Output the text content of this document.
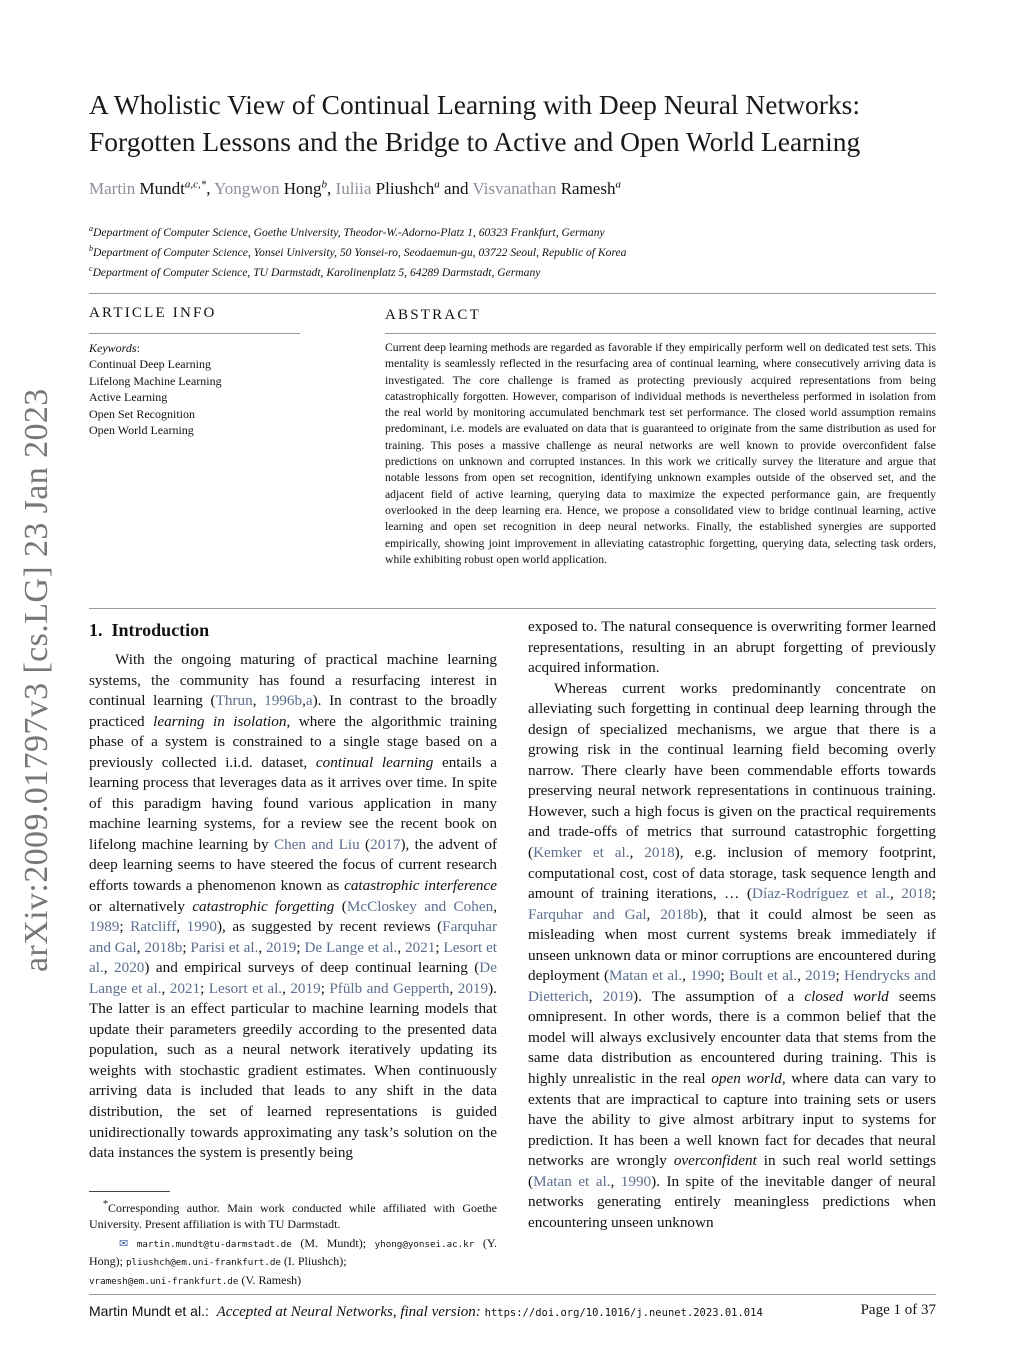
A Wholistic View of Continual Learning with Deep Neural Networks:
Forgotten Lessons and the Bridge to Active and Open World Learning
Martin Mundt$^{a,c,*}$, Yongwon Hong$^b$, Iuliia Pliushch$^a$ and Visvanathan Ramesh$^a$
$^a$Department of Computer Science, Goethe University, Theodor-W.-Adorno-Platz 1, 60323 Frankfurt, Germany
$^b$Department of Computer Science, Yonsei University, 50 Yonsei-ro, Seodaemun-gu, 03722 Seoul, Republic of Korea
$^c$Department of Computer Science, TU Darmstadt, Karolinenplatz 5, 64289 Darmstadt, Germany
ARTICLE INFO
Keywords:
Continual Deep Learning
Lifelong Machine Learning
Active Learning
Open Set Recognition
Open World Learning
ABSTRACT
Current deep learning methods are regarded as favorable if they empirically perform well on dedicated test sets. This mentality is seamlessly reflected in the resurfacing area of continual learning, where consecutively arriving data is investigated. The core challenge is framed as protecting previously acquired representations from being catastrophically forgotten. However, comparison of individual methods is nevertheless performed in isolation from the real world by monitoring accumulated benchmark test set performance. The closed world assumption remains predominant, i.e. models are evaluated on data that is guaranteed to originate from the same distribution as used for training. This poses a massive challenge as neural networks are well known to provide overconfident false predictions on unknown and corrupted instances. In this work we critically survey the literature and argue that notable lessons from open set recognition, identifying unknown examples outside of the observed set, and the adjacent field of active learning, querying data to maximize the expected performance gain, are frequently overlooked in the deep learning era. Hence, we propose a consolidated view to bridge continual learning, active learning and open set recognition in deep neural networks. Finally, the established synergies are supported empirically, showing joint improvement in alleviating catastrophic forgetting, querying data, selecting task orders, while exhibiting robust open world application.
arXiv:2009.01797v3 [cs.LG] 23 Jan 2023 1. Introduction

With the ongoing maturing of practical machine learning systems, the community has found a resurfacing interest in continual learning (Thrun, 1996b,a). In contrast to the broadly practiced learning in isolation, where the algorithmic training phase of a system is constrained to a single stage based on a previously collected i.i.d. dataset, continual learning entails a learning process that leverages data as it arrives over time. In spite of this paradigm having found various application in many machine learning systems, for a review see the recent book on lifelong machine learning by Chen and Liu (2017), the advent of deep learning seems to have steered the focus of current research efforts towards a phenomenon known as catastrophic interference or alternatively catastrophic forgetting (McCloskey and Cohen, 1989; Ratcliff, 1990), as suggested by recent reviews (Farquhar and Gal, 2018b; Parisi et al., 2019; De Lange et al., 2021; Lesort et al., 2020) and empirical surveys of deep continual learning (De Lange et al., 2021; Lesort et al., 2019; Pfülb and Gepperth, 2019). The latter is an effect particular to machine learning models that update their parameters greedily according to the presented data population, such as a neural network iteratively updating its weights with stochastic gradient estimates. When continuously arriving data is included that leads to any shift in the data distribution, the set of learned representations is guided unidirectionally towards approximating any task’s solution on the data instances the system is presently being

exposed to. The natural consequence is overwriting former learned representations, resulting in an abrupt forgetting of previously acquired information.

Whereas current works predominantly concentrate on alleviating such forgetting in continual deep learning through the design of specialized mechanisms, we argue that there is a growing risk in the continual learning field becoming overly narrow. There clearly have been commendable efforts towards preserving neural network representations in continuous training. However, such a high focus is given on the practical requirements and trade-offs of metrics that surround catastrophic forgetting (Kemker et al., 2018), e.g. inclusion of memory footprint, computational cost, cost of data storage, task sequence length and amount of training iterations, … (Díaz-Rodríguez et al., 2018; Farquhar and Gal, 2018b), that it could almost be seen as misleading when most current systems break immediately if unseen unknown data or minor corruptions are encountered during deployment (Matan et al., 1990; Boult et al., 2019; Hendrycks and Dietterich, 2019). The assumption of a closed world seems omnipresent. In other words, there is a common belief that the model will always exclusively encounter data that stems from the same data distribution as encountered during training. This is highly unrealistic in the real open world, where data can vary to extents that are impractical to capture into training sets or users have the ability to give almost arbitrary input to systems for prediction. It has been a well known fact for decades that neural networks are wrongly overconfident in such real world settings (Matan et al., 1990). In spite of the inevitable danger of neural networks generating entirely meaningless predictions when encountering unseen unknown

*Corresponding author. Main work conducted while affiliated with Goethe University. Present affiliation is with TU Darmstadt.
✉ martin.mundt@tu-darmstadt.de (M. Mundt); yhong@yonsei.ac.kr (Y. Hong); pliushch@em.uni-frankfurt.de (I. Pliushch);
vramesh@em.uni-frankfurt.de (V. Ramesh)
Martin Mundt et al.:  Accepted at Neural Networks, final version: https://doi.org/10.1016/j.neunet.2023.01.014	Page 1 of 37
